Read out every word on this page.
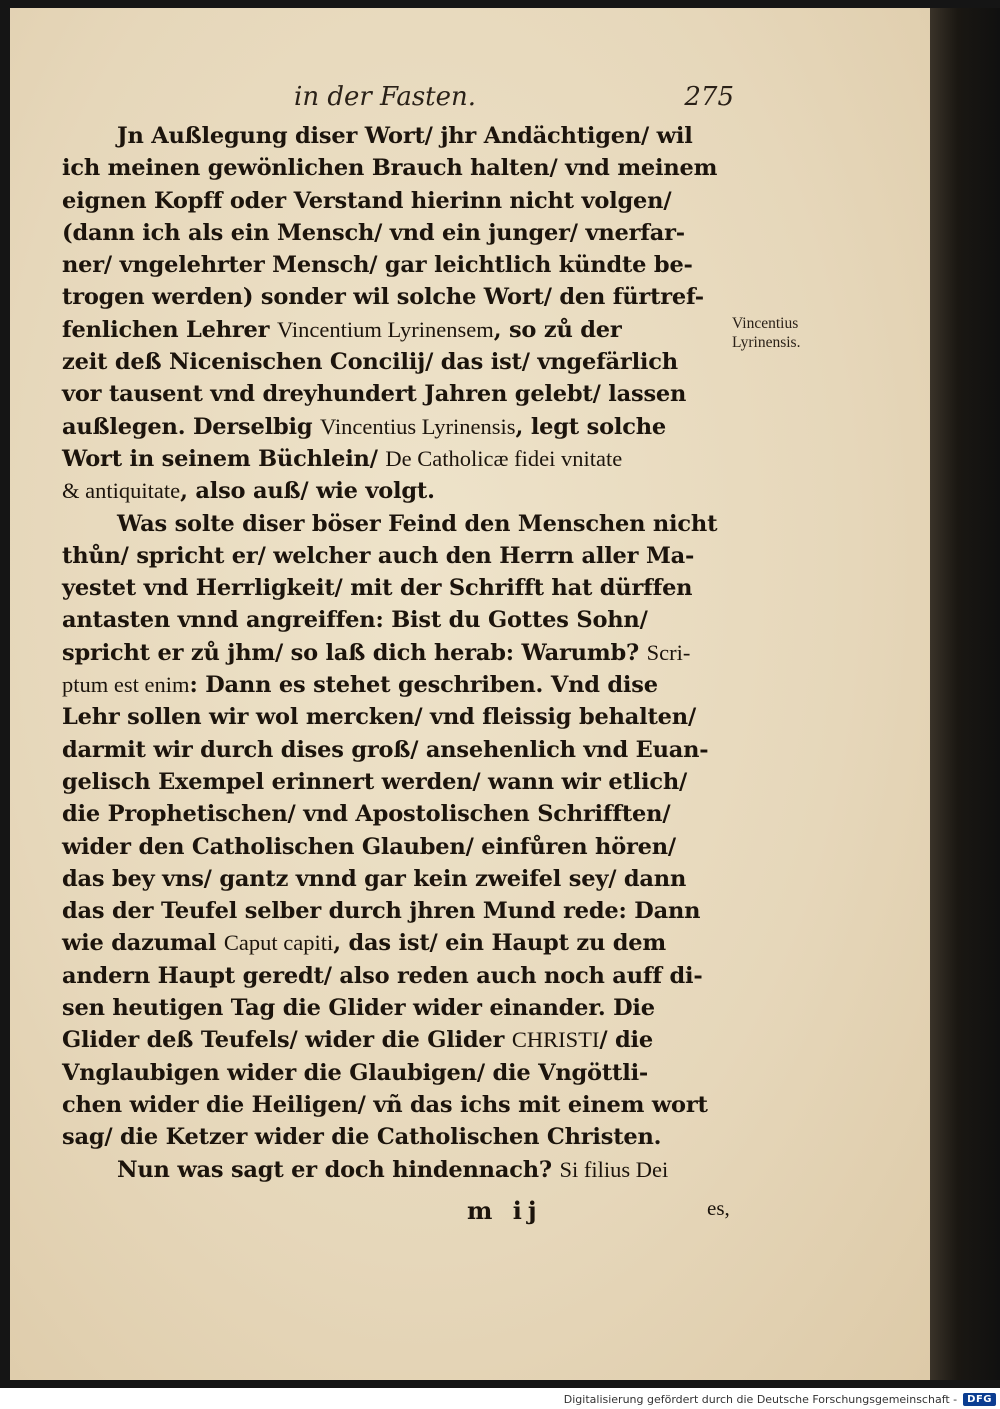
in der Fasten.	275

Jn Außlegung diser Wort/ jhr Andächtigen/ wil
ich meinen gewönlichen Brauch halten/ vnd meinem
eignen Kopff oder Verstand hierinn nicht volgen/
(dann ich als ein Mensch/ vnd ein junger/ vnerfar-
ner/ vngelehrter Mensch/ gar leichtlich kündte be-
trogen werden) sonder wil solche Wort/ den fürtref-
fenlichen Lehrer Vincentium Lyrinensem, so zů der
zeit deß Nicenischen Concilij/ das ist/ vngefärlich
vor tausent vnd dreyhundert Jahren gelebt/ lassen
außlegen. Derselbig Vincentius Lyrinensis, legt solche
Wort in seinem Büchlein/ De Catholicæ fidei vnitate
& antiquitate, also auß/ wie volgt.

Was solte diser böser Feind den Menschen nicht
thůn/ spricht er/ welcher auch den Herrn aller Ma-
yestet vnd Herrligkeit/ mit der Schrifft hat dürffen
antasten vnnd angreiffen: Bist du Gottes Sohn/
spricht er zů jhm/ so laß dich herab: Warumb? Scri-
ptum est enim: Dann es stehet geschriben. Vnd dise
Lehr sollen wir wol mercken/ vnd fleissig behalten/
darmit wir durch dises groß/ ansehenlich vnd Euan-
gelisch Exempel erinnert werden/ wann wir etlich/
die Prophetischen/ vnd Apostolischen Schrifften/
wider den Catholischen Glauben/ einfůren hören/
das bey vns/ gantz vnnd gar kein zweifel sey/ dann
das der Teufel selber durch jhren Mund rede: Dann
wie dazumal Caput capiti, das ist/ ein Haupt zu dem
andern Haupt geredt/ also reden auch noch auff di-
sen heutigen Tag die Glider wider einander. Die
Glider deß Teufels/ wider die Glider CHRISTI/ die
Vnglaubigen wider die Glaubigen/ die Vngöttli-
chen wider die Heiligen/ vñ das ichs mit einem wort
sag/ die Ketzer wider die Catholischen Christen.

Nun was sagt er doch hindennach? Si filius Dei

Vincentius
Lyrinensis.
m ij	es,
Digitalisierung gefördert durch die Deutsche Forschungsgemeinschaft -	DFG
